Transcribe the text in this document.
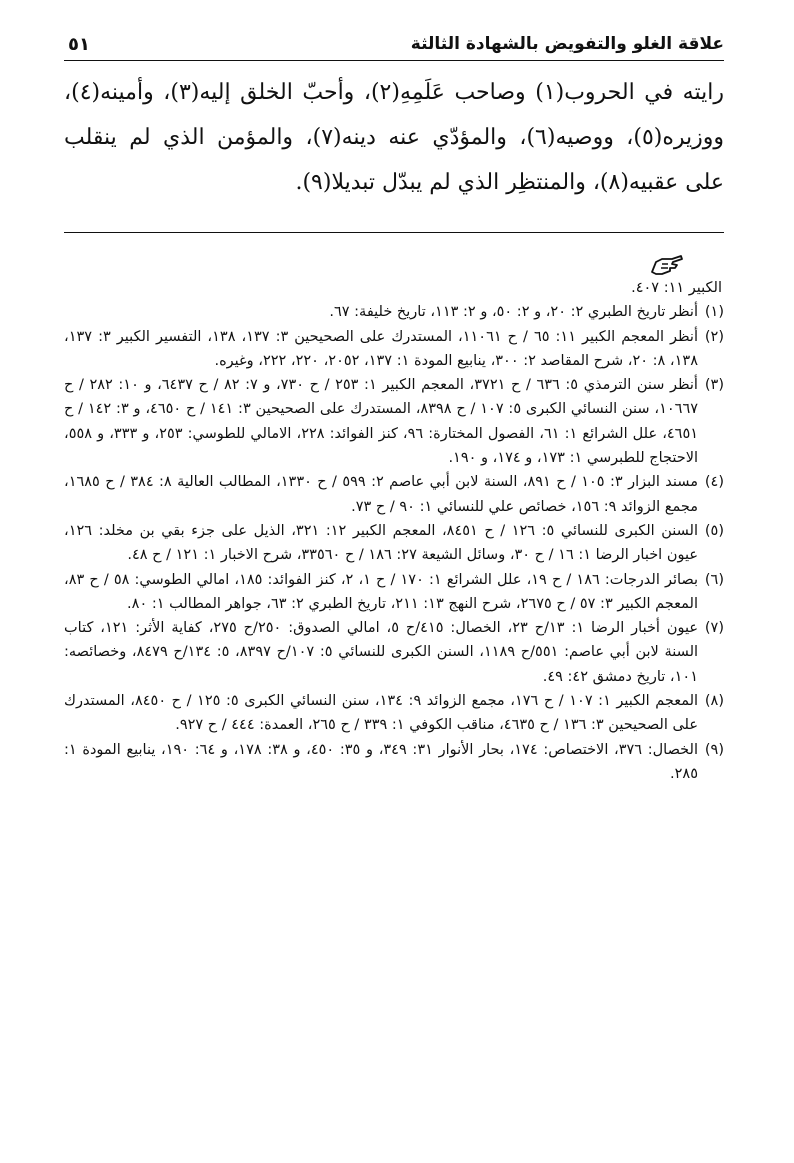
علاقة الغلو والتفويض بالشهادة الثالثة
٥١

رايته في الحروب(١) وصاحب عَلَمِهِ(٢)، وأحبّ الخلق إليه(٣)، وأمينه(٤)، ووزيره(٥)، ووصيه(٦)، والمؤدّي عنه دينه(٧)، والمؤمن الذي لم ينقلب على عقبيه(٨)، والمنتظِر الذي لم يبدّل تبديلا(٩).

الكبير ١١: ٤٠٧.

(١)
أنظر تاريخ الطبري ٢: ٢٠، و ٢: ٥٠، و ٢: ١١٣، تاريخ خليفة: ٦٧.
(٢)
أنظر المعجم الكبير ١١: ٦٥ / ح ١١٠٦١، المستدرك على الصحيحين ٣: ١٣٧، ١٣٨، التفسير الكبير ٣: ١٣٧، ١٣٨، ٨: ٢٠، شرح المقاصد ٢: ٣٠٠، ينابيع المودة ١: ١٣٧، ٢٠٥٢، ٢٢٠، ٢٢٢، وغيره.
(٣)
أنظر سنن الترمذي ٥: ٦٣٦ / ح ٣٧٢١، المعجم الكبير ١: ٢٥٣ / ح ٧٣٠، و ٧: ٨٢ / ح ٦٤٣٧، و ١٠: ٢٨٢ / ح ١٠٦٦٧، سنن النسائي الكبرى ٥: ١٠٧ / ح ٨٣٩٨، المستدرك على الصحيحين ٣: ١٤١ / ح ٤٦٥٠، و ٣: ١٤٢ / ح ٤٦٥١، علل الشرائع ١: ٦١، الفصول المختارة: ٩٦، كنز الفوائد: ٢٢٨، الامالي للطوسي: ٢٥٣، و ٣٣٣، و ٥٥٨، الاحتجاج للطبرسي ١: ١٧٣، و ١٧٤، و ١٩٠.
(٤)
مسند البزار ٣: ١٠٥ / ح ٨٩١، السنة لابن أبي عاصم ٢: ٥٩٩ / ح ١٣٣٠، المطالب العالية ٨: ٣٨٤ / ح ١٦٨٥، مجمع الزوائد ٩: ١٥٦، خصائص علي للنسائي ١: ٩٠ / ح ٧٣.
(٥)
السنن الكبرى للنسائي ٥: ١٢٦ / ح ٨٤٥١، المعجم الكبير ١٢: ٣٢١، الذيل على جزء بقي بن مخلد: ١٢٦، عيون اخبار الرضا ١: ١٦ / ح ٣٠، وسائل الشيعة ٢٧: ١٨٦ / ح ٣٣٥٦٠، شرح الاخبار ١: ١٢١ / ح ٤٨.
(٦)
بصائر الدرجات: ١٨٦ / ح ١٩، علل الشرائع ١: ١٧٠ / ح ١، ٢، كنز الفوائد: ١٨٥، امالي الطوسي: ٥٨ / ح ٨٣، المعجم الكبير ٣: ٥٧ / ح ٢٦٧٥، شرح النهج ١٣: ٢١١، تاريخ الطبري ٢: ٦٣، جواهر المطالب ١: ٨٠.
(٧)
عيون أخبار الرضا ١: ١٣/ح ٢٣، الخصال: ٤١٥/ح ٥، امالي الصدوق: ٢٥٠/ح ٢٧٥، كفاية الأثر: ١٢١، كتاب السنة لابن أبي عاصم: ٥٥١/ح ١١٨٩، السنن الكبرى للنسائي ٥: ١٠٧/ح ٨٣٩٧، ٥: ١٣٤/ح ٨٤٧٩، وخصائصه: ١٠١، تاريخ دمشق ٤٢: ٤٩.
(٨)
المعجم الكبير ١: ١٠٧ / ح ١٧٦، مجمع الزوائد ٩: ١٣٤، سنن النسائي الكبرى ٥: ١٢٥ / ح ٨٤٥٠، المستدرك على الصحيحين ٣: ١٣٦ / ح ٤٦٣٥، مناقب الكوفي ١: ٣٣٩ / ح ٢٦٥، العمدة: ٤٤٤ / ح ٩٢٧.
(٩)
الخصال: ٣٧٦، الاختصاص: ١٧٤، بحار الأنوار ٣١: ٣٤٩، و ٣٥: ٤٥٠، و ٣٨: ١٧٨، و ٦٤: ١٩٠، ينابيع المودة ١: ٢٨٥.
